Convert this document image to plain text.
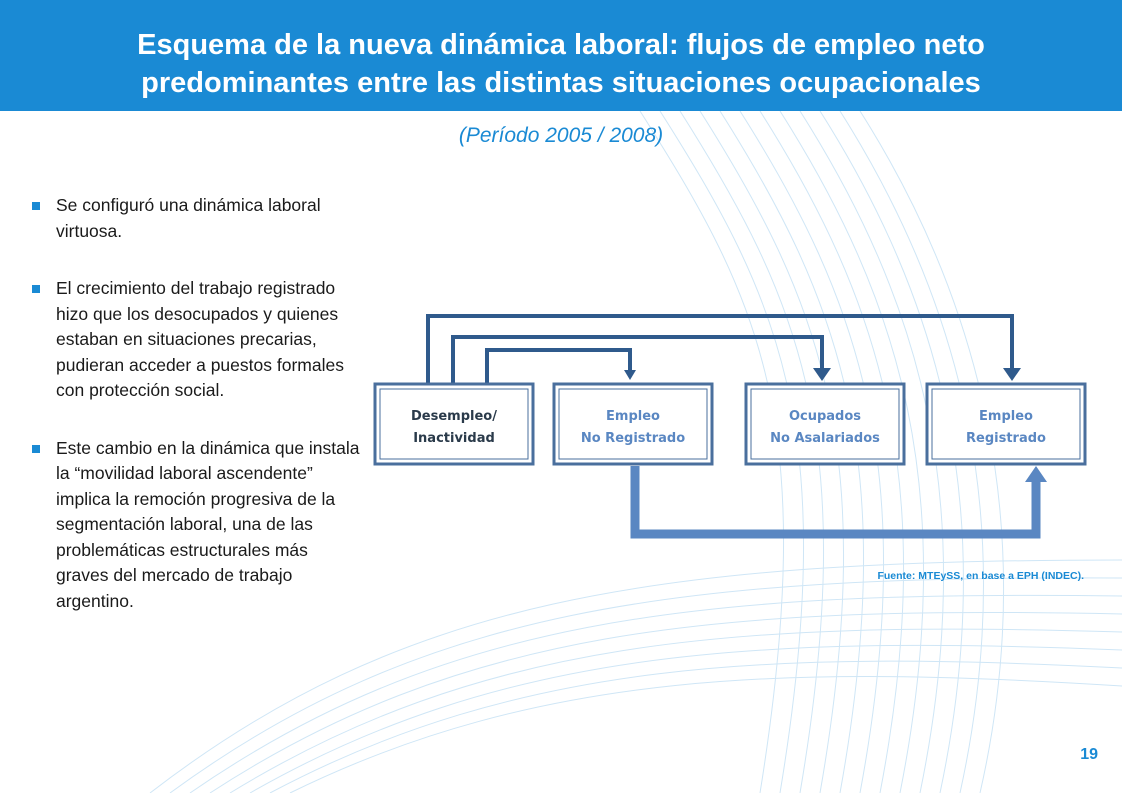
Esquema de la nueva dinámica laboral: flujos de empleo neto
predominantes entre las distintas situaciones ocupacionales
(Período 2005 / 2008)
Se configuró una dinámica laboral virtuosa.
El crecimiento del trabajo registrado hizo que los desocupados y quienes estaban en situaciones precarias, pudieran acceder a puestos formales con protección social.
Este cambio en la dinámica que instala la “movilidad laboral ascendente” implica la remoción progresiva de la segmentación laboral, una de las problemáticas estructurales más graves del mercado de trabajo argentino.
Desempleo/
Inactividad
Empleo
No Registrado
Ocupados
No Asalariados
Empleo
Registrado
Fuente: MTEySS, en base a EPH (INDEC).
19
